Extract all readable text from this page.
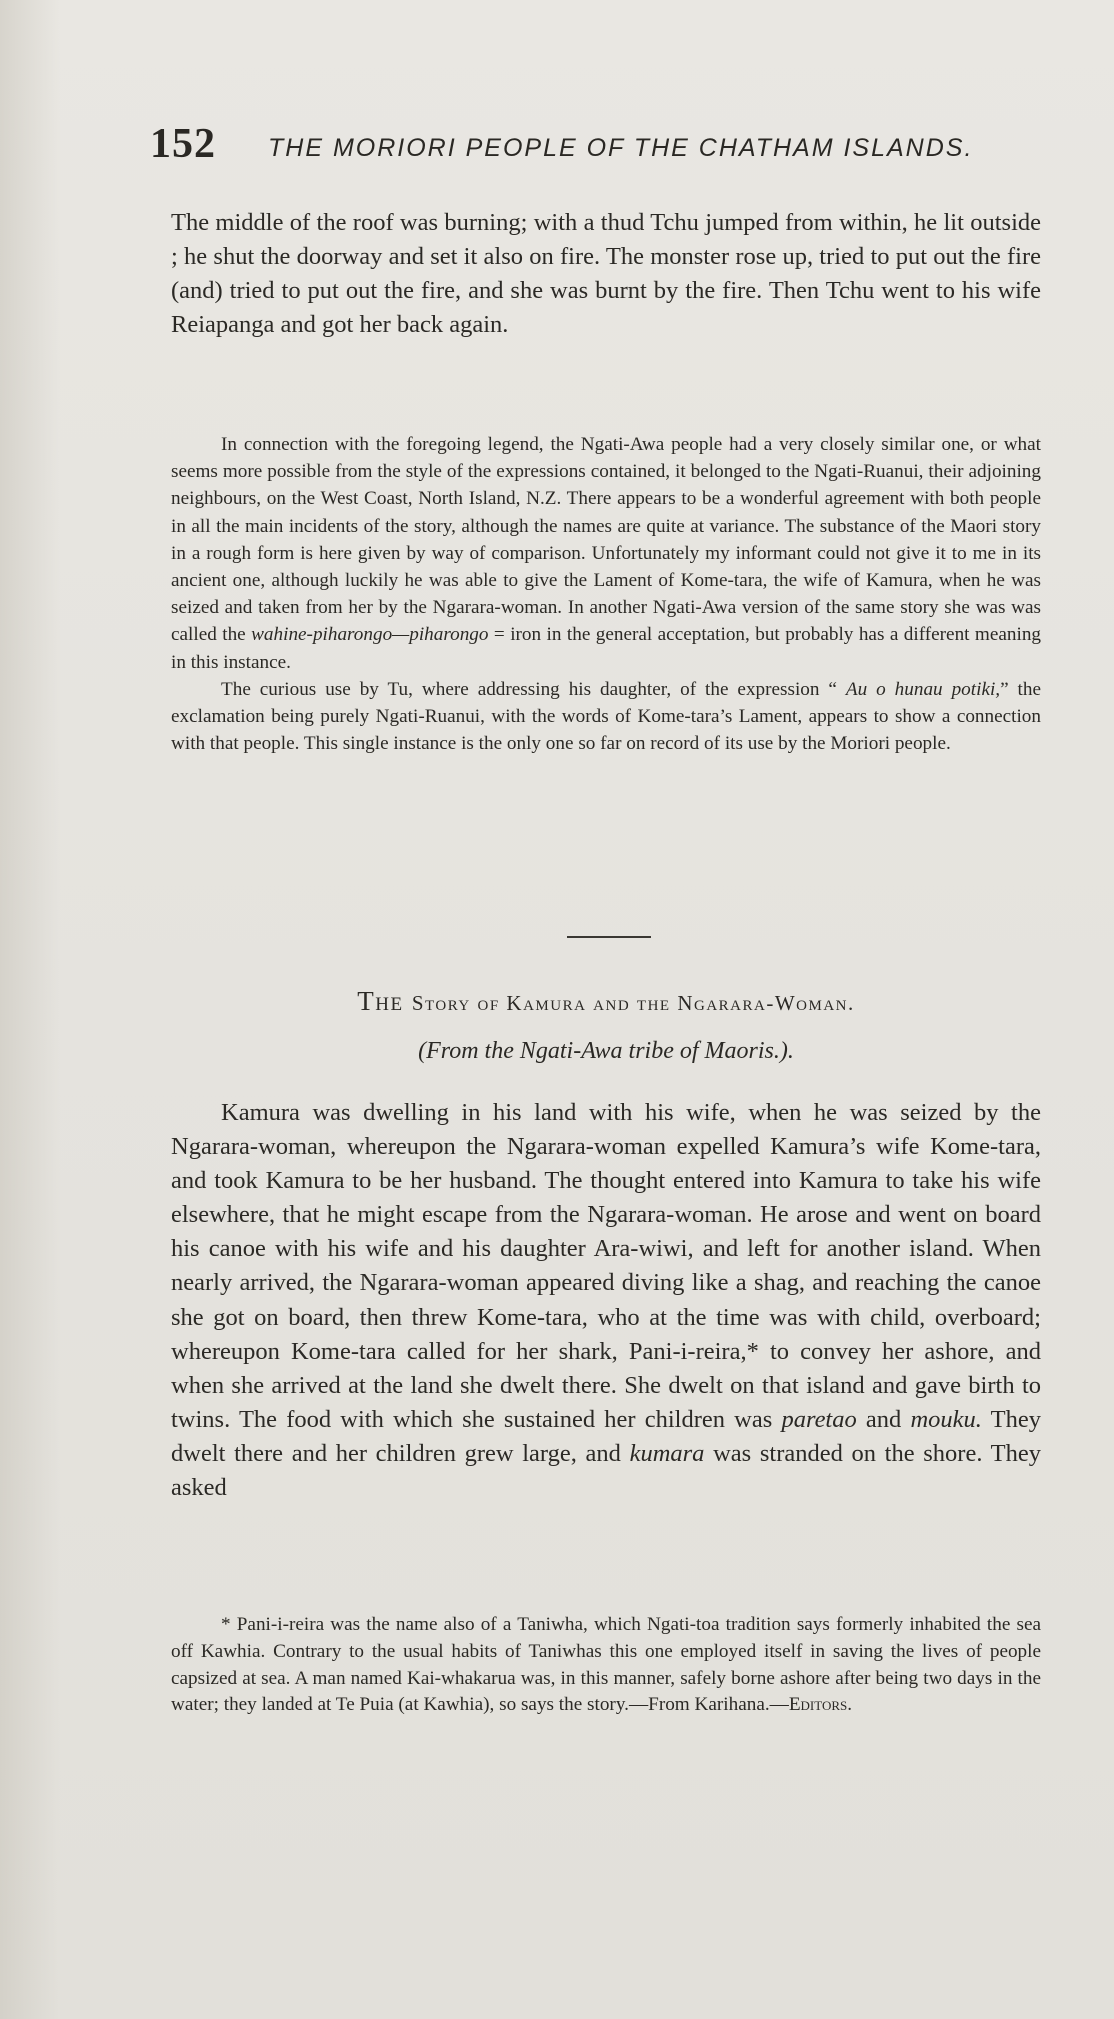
152 THE MORIORI PEOPLE OF THE CHATHAM ISLANDS.
The middle of the roof was burning; with a thud Tchu jumped from within, he lit outside ; he shut the doorway and set it also on fire. The monster rose up, tried to put out the fire (and) tried to put out the fire, and she was burnt by the fire. Then Tchu went to his wife Reiapanga and got her back again.

In connection with the foregoing legend, the Ngati-Awa people had a very closely similar one, or what seems more possible from the style of the expressions contained, it belonged to the Ngati-Ruanui, their adjoining neighbours, on the West Coast, North Island, N.Z. There appears to be a wonderful agreement with both people in all the main incidents of the story, although the names are quite at variance. The substance of the Maori story in a rough form is here given by way of comparison. Unfortunately my informant could not give it to me in its ancient one, although luckily he was able to give the Lament of Kome-tara, the wife of Kamura, when he was seized and taken from her by the Ngarara-woman. In another Ngati-Awa version of the same story she was was called the wahine-piharongo—piharongo = iron in the general acceptation, but probably has a different meaning in this instance.

The curious use by Tu, where addressing his daughter, of the expression “ Au o hunau potiki,” the exclamation being purely Ngati-Ruanui, with the words of Kome-tara’s Lament, appears to show a connection with that people. This single instance is the only one so far on record of its use by the Moriori people.

The Story of Kamura and the Ngarara-Woman.
(From the Ngati-Awa tribe of Maoris.).
Kamura was dwelling in his land with his wife, when he was seized by the Ngarara-woman, whereupon the Ngarara-woman expelled Kamura’s wife Kome-tara, and took Kamura to be her husband. The thought entered into Kamura to take his wife elsewhere, that he might escape from the Ngarara-woman. He arose and went on board his canoe with his wife and his daughter Ara-wiwi, and left for another island. When nearly arrived, the Ngarara-woman appeared diving like a shag, and reaching the canoe she got on board, then threw Kome-tara, who at the time was with child, overboard; whereupon Kome-tara called for her shark, Pani-i-reira,* to convey her ashore, and when she arrived at the land she dwelt there. She dwelt on that island and gave birth to twins. The food with which she sustained her children was paretao and mouku. They dwelt there and her children grew large, and kumara was stranded on the shore. They asked
* Pani-i-reira was the name also of a Taniwha, which Ngati-toa tradition says formerly inhabited the sea off Kawhia. Contrary to the usual habits of Taniwhas this one employed itself in saving the lives of people capsized at sea. A man named Kai-whakarua was, in this manner, safely borne ashore after being two days in the water; they landed at Te Puia (at Kawhia), so says the story.—From Karihana.—Editors.
